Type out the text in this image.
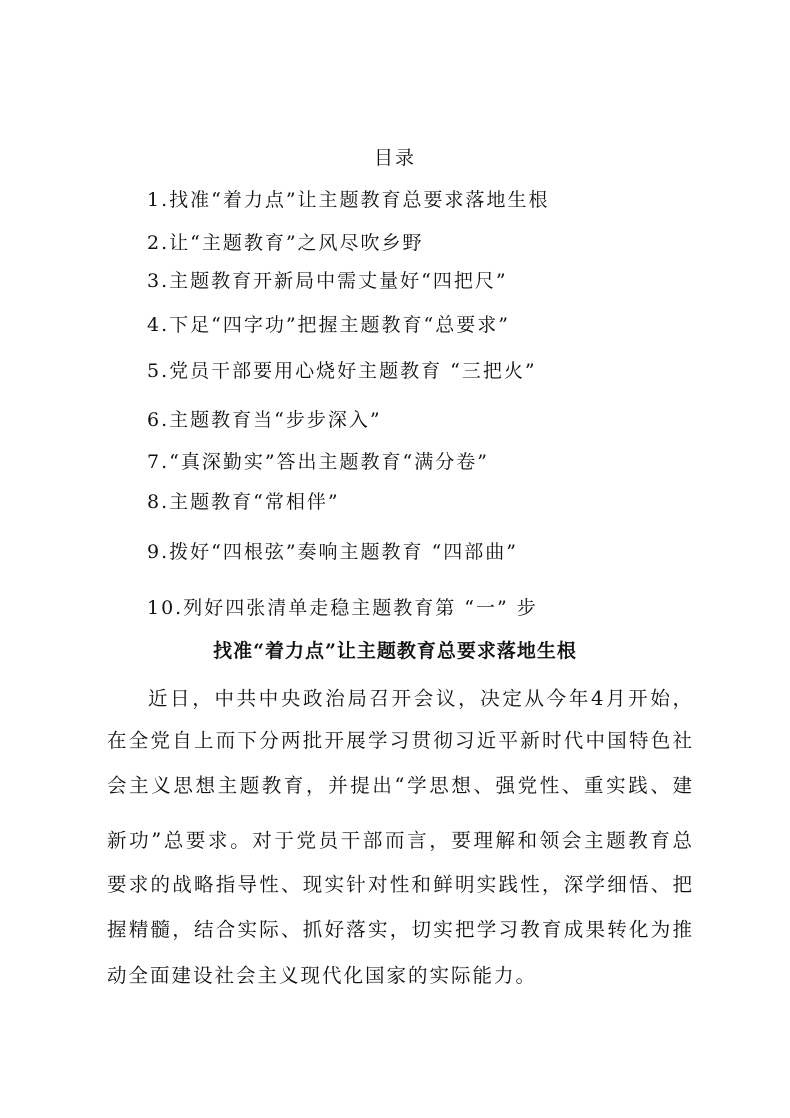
目录
1.找准“着力点”让主题教育总要求落地生根
2.让“主题教育”之风尽吹乡野
3.主题教育开新局中需丈量好“四把尺”
4.下足“四字功”把握主题教育“总要求”
5.党员干部要用心烧好主题教育 “三把火”
6.主题教育当“步步深入”
7.“真深勤实”答出主题教育“满分卷”
8.主题教育“常相伴”
9.拨好“四根弦”奏响主题教育 “四部曲”
10.列好四张清单走稳主题教育第 “一” 步
找准“着力点”让主题教育总要求落地生根
近日，中共中央政治局召开会议，决定从今年4月开始，
在全党自上而下分两批开展学习贯彻习近平新时代中国特色社
会主义思想主题教育，并提出“学思想、强党性、重实践、建
新功”总要求。对于党员干部而言，要理解和领会主题教育总
要求的战略指导性、现实针对性和鲜明实践性，深学细悟、把
握精髓，结合实际、抓好落实，切实把学习教育成果转化为推
动全面建设社会主义现代化国家的实际能力。
